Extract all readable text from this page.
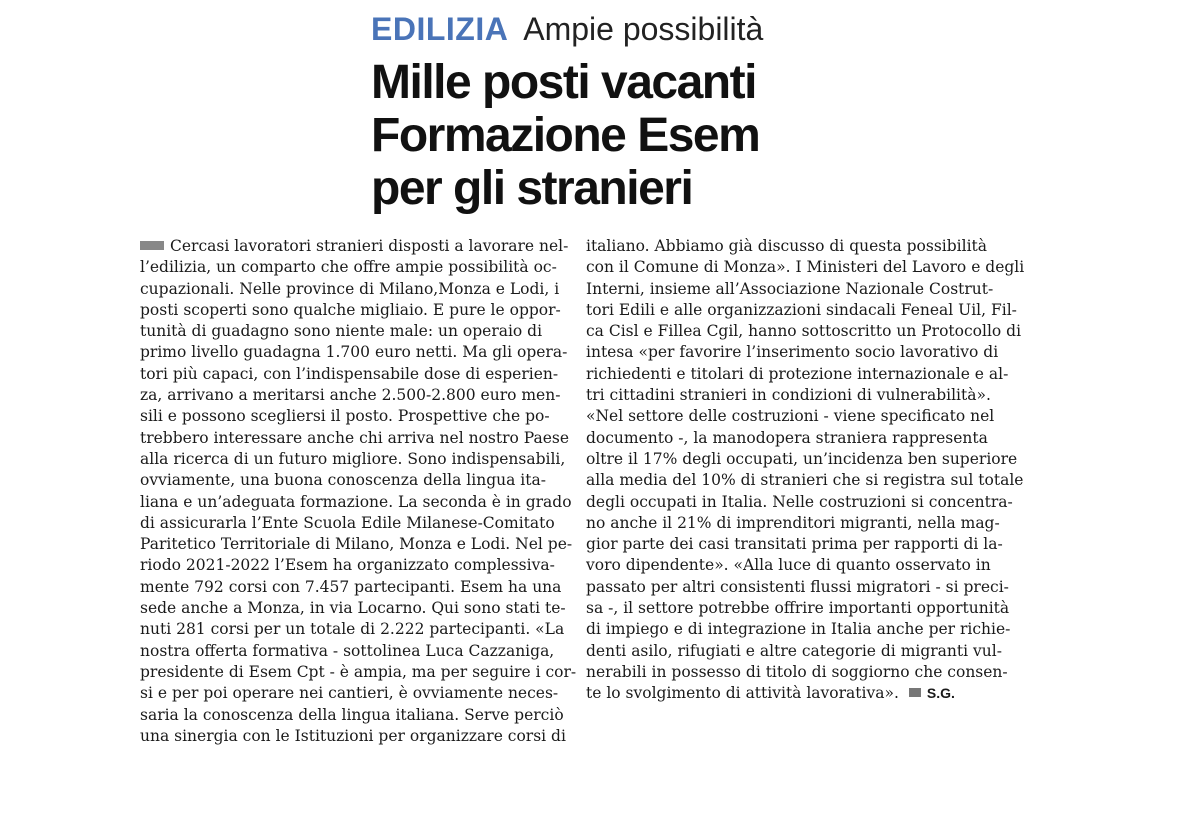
EDILIZIA Ampie possibilità
Mille posti vacanti
Formazione Esem
per gli stranieri
Cercasi lavoratori stranieri disposti a lavorare nel-
l’edilizia, un comparto che offre ampie possibilità oc-
cupazionali. Nelle province di Milano,Monza e Lodi, i
posti scoperti sono qualche migliaio. E pure le oppor-
tunità di guadagno sono niente male: un operaio di
primo livello guadagna 1.700 euro netti. Ma gli opera-
tori più capaci, con l’indispensabile dose di esperien-
za, arrivano a meritarsi anche 2.500-2.800 euro men-
sili e possono scegliersi il posto. Prospettive che po-
trebbero interessare anche chi arriva nel nostro Paese
alla ricerca di un futuro migliore. Sono indispensabili,
ovviamente, una buona conoscenza della lingua ita-
liana e un’adeguata formazione. La seconda è in grado
di assicurarla l’Ente Scuola Edile Milanese-Comitato
Paritetico Territoriale di Milano, Monza e Lodi. Nel pe-
riodo 2021-2022 l’Esem ha organizzato complessiva-
mente 792 corsi con 7.457 partecipanti. Esem ha una
sede anche a Monza, in via Locarno. Qui sono stati te-
nuti 281 corsi per un totale di 2.222 partecipanti. «La
nostra offerta formativa - sottolinea Luca Cazzaniga,
presidente di Esem Cpt - è ampia, ma per seguire i cor-
si e per poi operare nei cantieri, è ovviamente neces-
saria la conoscenza della lingua italiana. Serve perciò
una sinergia con le Istituzioni per organizzare corsi di
italiano. Abbiamo già discusso di questa possibilità
con il Comune di Monza». I Ministeri del Lavoro e degli
Interni, insieme all’Associazione Nazionale Costrut-
tori Edili e alle organizzazioni sindacali Feneal Uil, Fil-
ca Cisl e Fillea Cgil, hanno sottoscritto un Protocollo di
intesa «per favorire l’inserimento socio lavorativo di
richiedenti e titolari di protezione internazionale e al-
tri cittadini stranieri in condizioni di vulnerabilità».
«Nel settore delle costruzioni - viene specificato nel
documento -, la manodopera straniera rappresenta
oltre il 17% degli occupati, un’incidenza ben superiore
alla media del 10% di stranieri che si registra sul totale
degli occupati in Italia. Nelle costruzioni si concentra-
no anche il 21% di imprenditori migranti, nella mag-
gior parte dei casi transitati prima per rapporti di la-
voro dipendente». «Alla luce di quanto osservato in
passato per altri consistenti flussi migratori - si preci-
sa -, il settore potrebbe offrire importanti opportunità
di impiego e di integrazione in Italia anche per richie-
denti asilo, rifugiati e altre categorie di migranti vul-
nerabili in possesso di titolo di soggiorno che consen-
te lo svolgimento di attività lavorativa». S.G.
